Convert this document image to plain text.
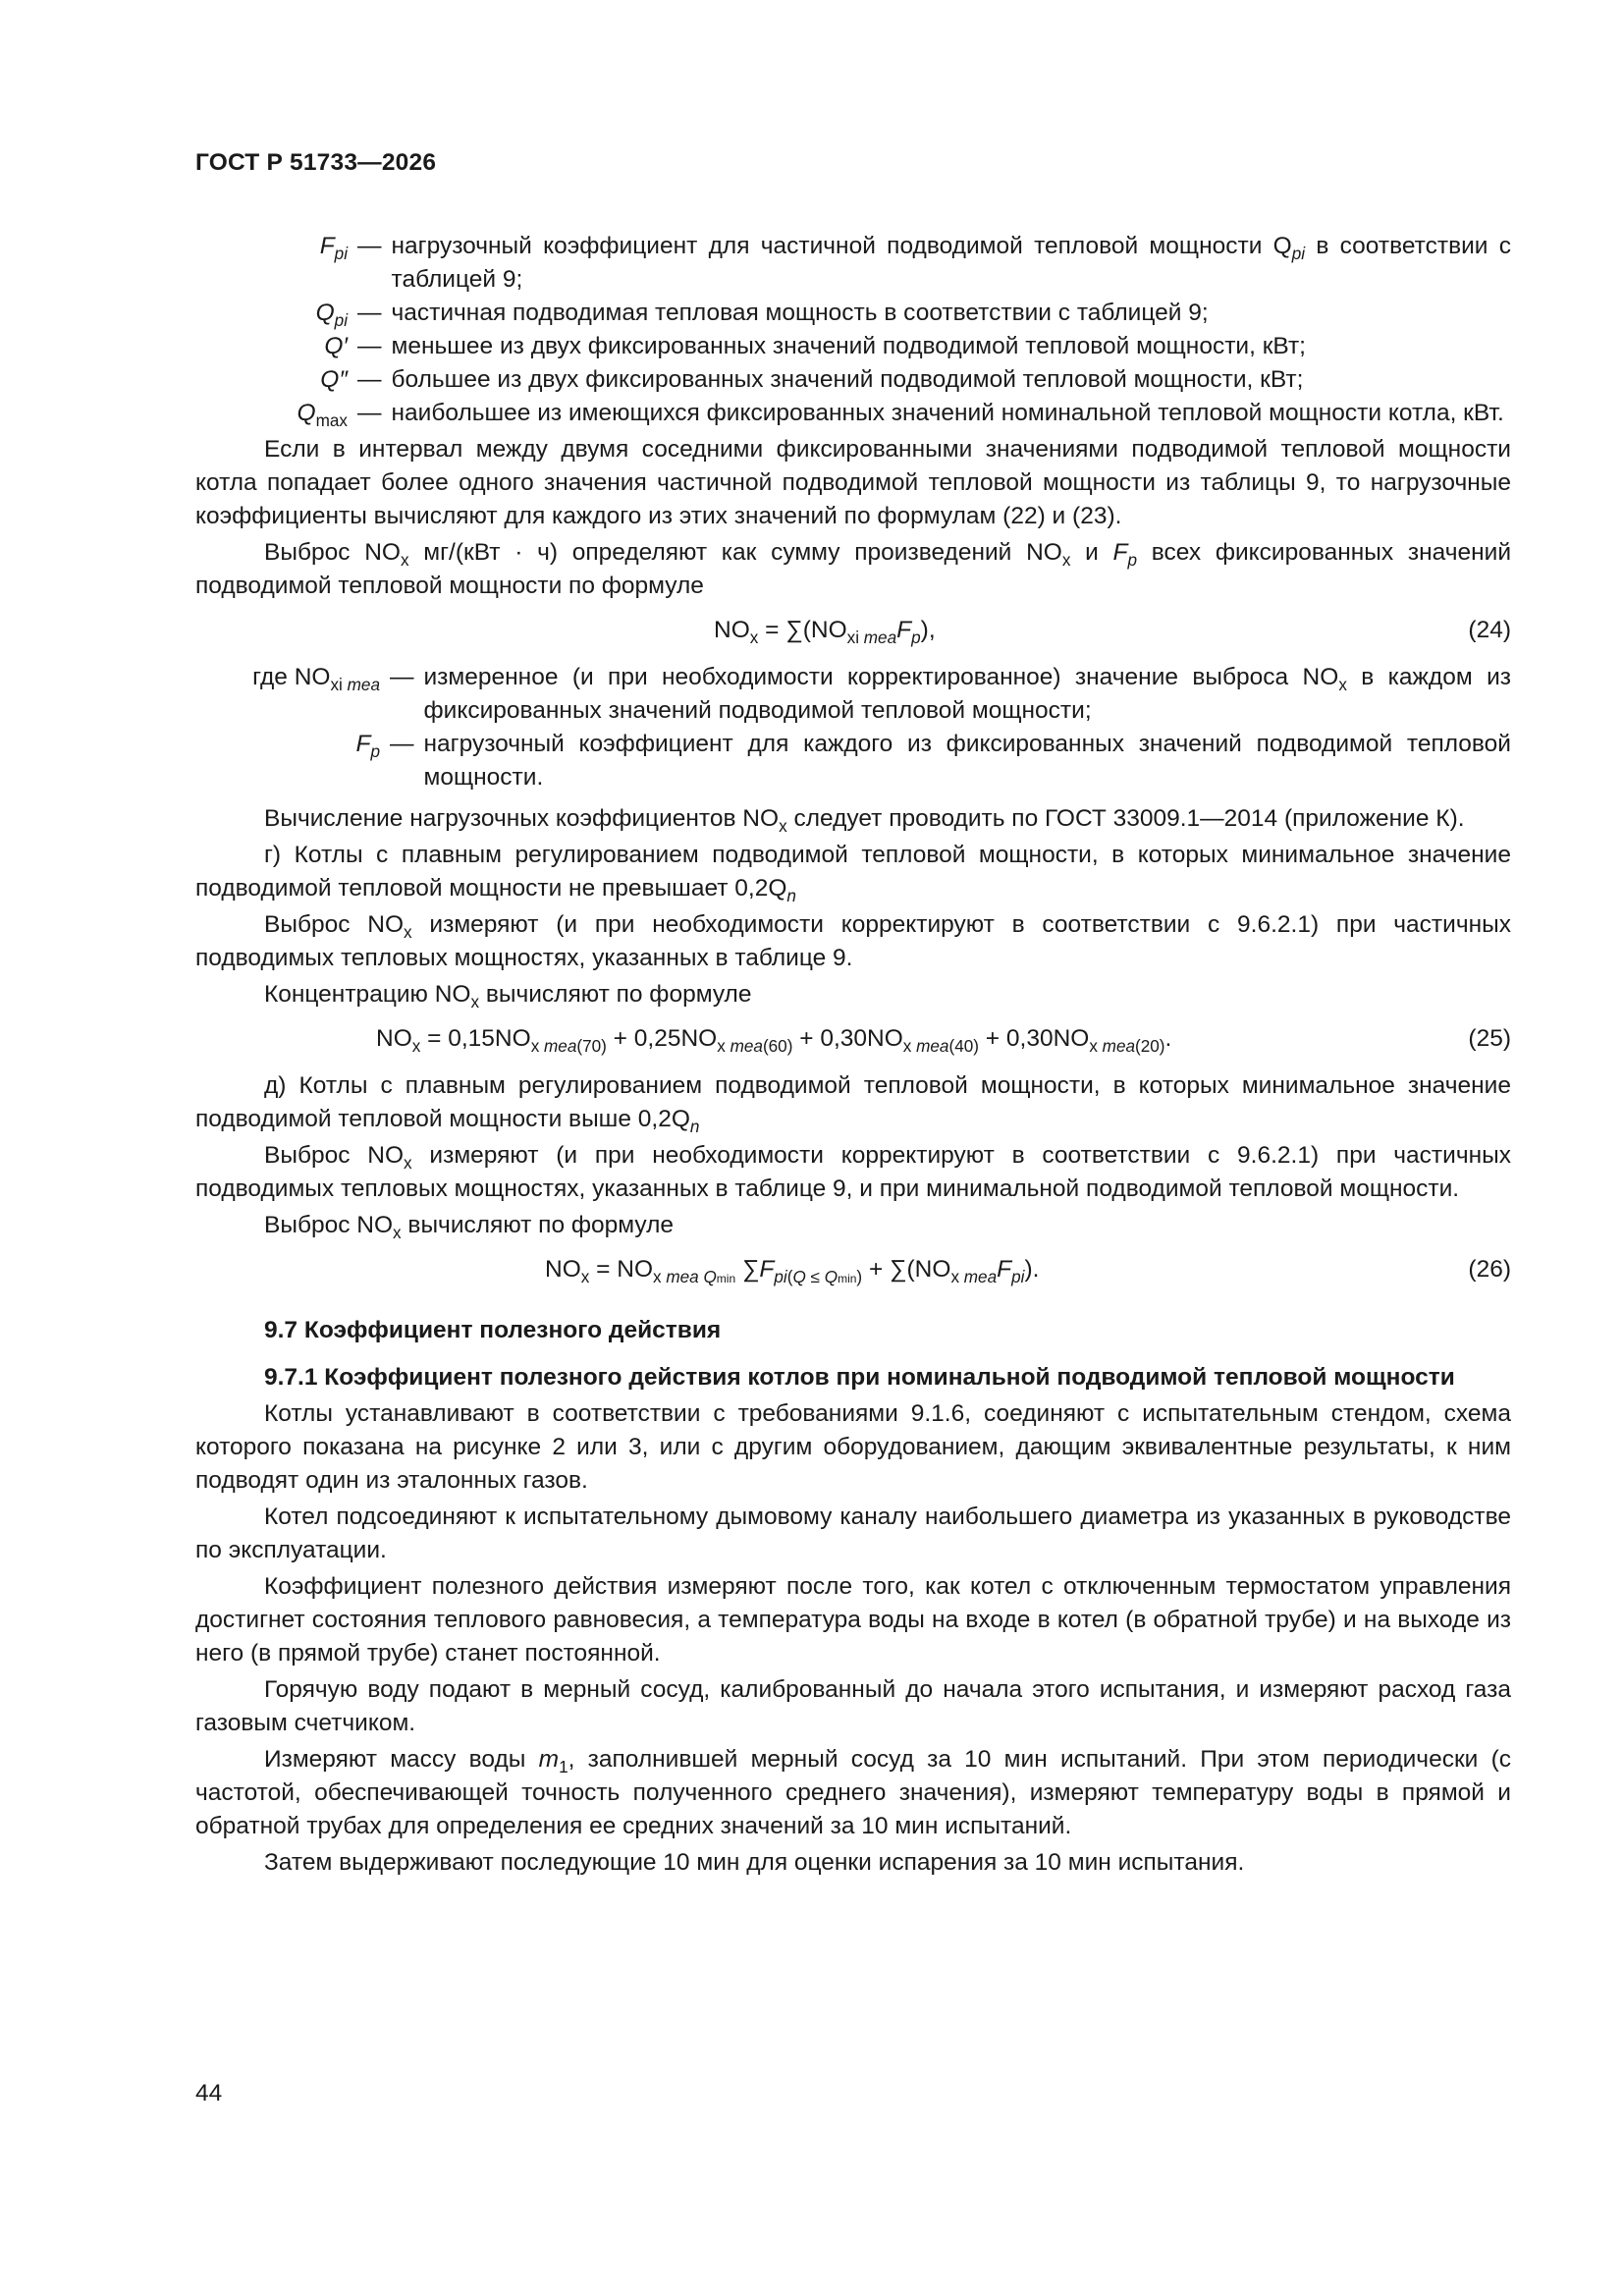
ГОСТ Р 51733—2026
$F_{pi}$ — нагрузочный коэффициент для частичной подводимой тепловой мощности $Q_{pi}$ в соответствии с таблицей 9;
$Q_{pi}$ — частичная подводимая тепловая мощность в соответствии с таблицей 9;
Q′ — меньшее из двух фиксированных значений подводимой тепловой мощности, кВт;
Q″ — большее из двух фиксированных значений подводимой тепловой мощности, кВт;
$Q_{max}$ — наибольшее из имеющихся фиксированных значений номинальной тепловой мощности котла, кВт.

Если в интервал между двумя соседними фиксированными значениями подводимой тепловой мощности котла попадает более одного значения частичной подводимой тепловой мощности из таблицы 9, то нагрузочные коэффициенты вычисляют для каждого из этих значений по формулам (22) и (23).

Выброс $NO_x$ мг/(кВт · ч) определяют как сумму произведений $NO_x$ и $F_p$ всех фиксированных значений подводимой тепловой мощности по формуле

$NO_x = \sum(NO_{xi mea}F_p)$,	(24)
где $NO_{xi mea}$ — измеренное (и при необходимости корректированное) значение выброса $NO_x$ в каждом из фиксированных значений подводимой тепловой мощности;
$F_p$ — нагрузочный коэффициент для каждого из фиксированных значений подводимой тепловой мощности.

Вычисление нагрузочных коэффициентов $NO_x$ следует проводить по ГОСТ 33009.1—2014 (приложение К).

г) Котлы с плавным регулированием подводимой тепловой мощности, в которых минимальное значение подводимой тепловой мощности не превышает $0,2Q_n$

Выброс $NO_x$ измеряют (и при необходимости корректируют в соответствии с 9.6.2.1) при частичных подводимых тепловых мощностях, указанных в таблице 9.

Концентрацию $NO_x$ вычисляют по формуле

$NO_x = 0,15NO_{x mea(70)} + 0,25NO_{x mea(60)} + 0,30NO_{x mea(40)} + 0,30NO_{x mea(20)}$.	(25)

д) Котлы с плавным регулированием подводимой тепловой мощности, в которых минимальное значение подводимой тепловой мощности выше $0,2Q_n$

Выброс $NO_x$ измеряют (и при необходимости корректируют в соответствии с 9.6.2.1) при частичных подводимых тепловых мощностях, указанных в таблице 9, и при минимальной подводимой тепловой мощности.

Выброс $NO_x$ вычисляют по формуле

$NO_x = NO_{x mea Qmin}$ $\sum F_{pi(Q \le Qmin)} + \sum(NO_{x mea}F_{pi})$.	(26)
9.7 Коэффициент полезного действия
9.7.1 Коэффициент полезного действия котлов при номинальной подводимой тепловой мощности

Котлы устанавливают в соответствии с требованиями 9.1.6, соединяют с испытательным стендом, схема которого показана на рисунке 2 или 3, или с другим оборудованием, дающим эквивалентные результаты, к ним подводят один из эталонных газов.

Котел подсоединяют к испытательному дымовому каналу наибольшего диаметра из указанных в руководстве по эксплуатации.

Коэффициент полезного действия измеряют после того, как котел с отключенным термостатом управления достигнет состояния теплового равновесия, а температура воды на входе в котел (в обратной трубе) и на выходе из него (в прямой трубе) станет постоянной.

Горячую воду подают в мерный сосуд, калиброванный до начала этого испытания, и измеряют расход газа газовым счетчиком.

Измеряют массу воды $m_1$, заполнившей мерный сосуд за 10 мин испытаний. При этом периодически (с частотой, обеспечивающей точность полученного среднего значения), измеряют температуру воды в прямой и обратной трубах для определения ее средних значений за 10 мин испытаний.

Затем выдерживают последующие 10 мин для оценки испарения за 10 мин испытания.

44
